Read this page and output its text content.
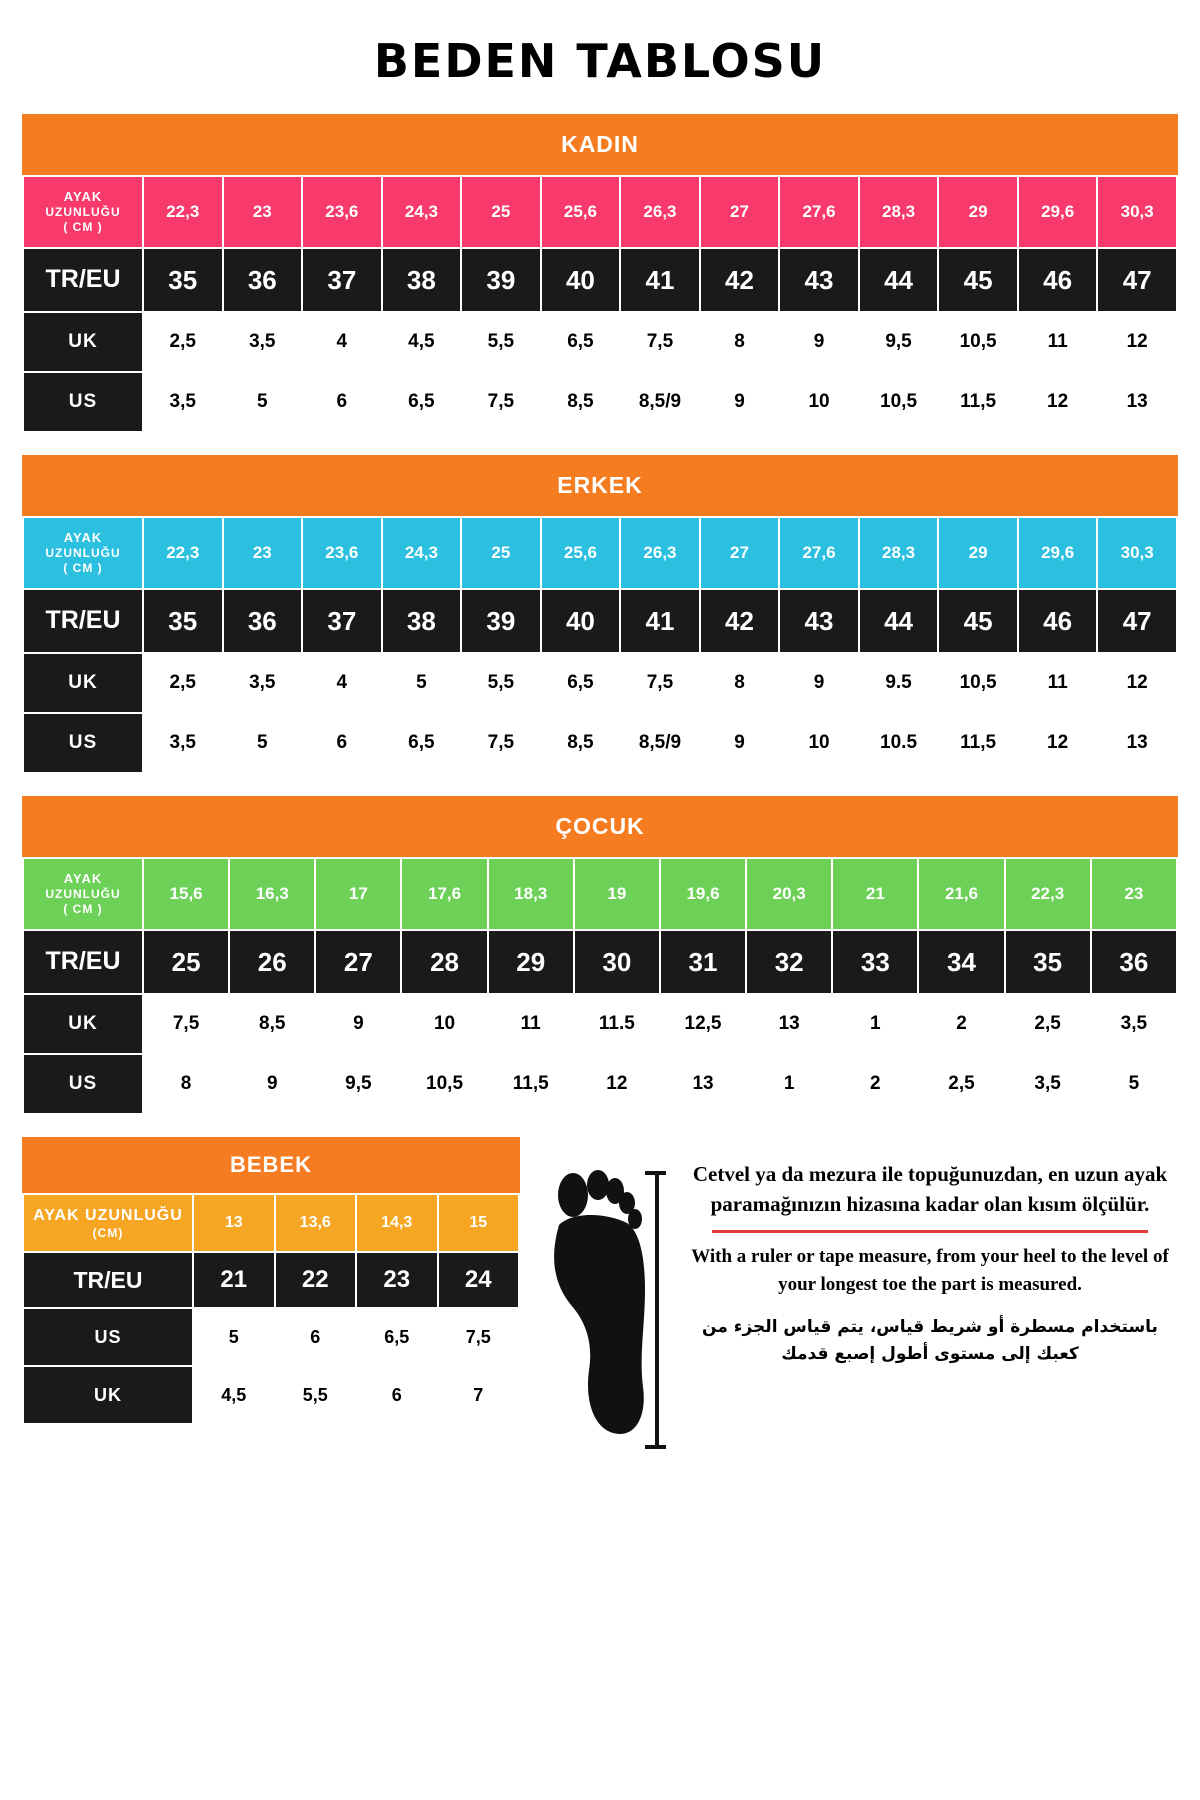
BEDEN TABLOSU
KADIN
AYAK
UZUNLUĞU
( CM )	22,3	23	23,6	24,3	25	25,6	26,3	27	27,6	28,3	29	29,6	30,3
TR/EU	35	36	37	38	39	40	41	42	43	44	45	46	47
UK	2,5	3,5	4	4,5	5,5	6,5	7,5	8	9	9,5	10,5	11	12
US	3,5	5	6	6,5	7,5	8,5	8,5/9	9	10	10,5	11,5	12	13
ERKEK
AYAK
UZUNLUĞU
( CM )	22,3	23	23,6	24,3	25	25,6	26,3	27	27,6	28,3	29	29,6	30,3
TR/EU	35	36	37	38	39	40	41	42	43	44	45	46	47
UK	2,5	3,5	4	5	5,5	6,5	7,5	8	9	9.5	10,5	11	12
US	3,5	5	6	6,5	7,5	8,5	8,5/9	9	10	10.5	11,5	12	13
ÇOCUK
AYAK
UZUNLUĞU
( CM )	15,6	16,3	17	17,6	18,3	19	19,6	20,3	21	21,6	22,3	23
TR/EU	25	26	27	28	29	30	31	32	33	34	35	36
UK	7,5	8,5	9	10	11	11.5	12,5	13	1	2	2,5	3,5
US	8	9	9,5	10,5	11,5	12	13	1	2	2,5	3,5	5
BEBEK
AYAK UZUNLUĞU
(CM)	13	13,6	14,3	15
TR/EU	21	22	23	24
US	5	6	6,5	7,5
UK	4,5	5,5	6	7
Cetvel ya da mezura ile topuğunuzdan, en uzun ayak paramağınızın hizasına kadar olan kısım ölçülür.
With a ruler or tape measure, from your heel to the level of your longest toe the part is measured.
باستخدام مسطرة أو شريط قياس، يتم قياس الجزء من كعبك إلى مستوى أطول إصبع قدمك
